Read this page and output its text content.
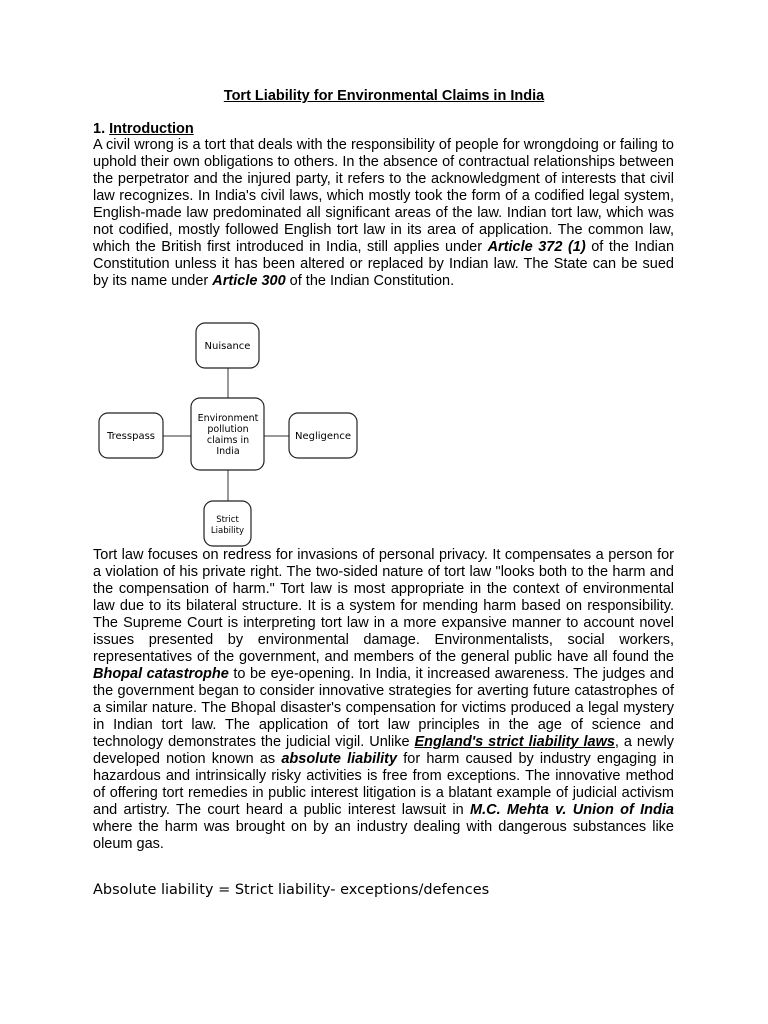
Tort Liability for Environmental Claims in India
1. Introduction

A civil wrong is a tort that deals with the responsibility of people for wrongdoing or failing to uphold their own obligations to others. In the absence of contractual relationships between the perpetrator and the injured party, it refers to the acknowledgment of interests that civil law recognizes. In India's civil laws, which mostly took the form of a codified legal system, English-made law predominated all significant areas of the law. Indian tort law, which was not codified, mostly followed English tort law in its area of application. The common law, which the British first introduced in India, still applies under Article 372 (1) of the Indian Constitution unless it has been altered or replaced by Indian law. The State can be sued by its name under Article 300 of the Indian Constitution.

Environment
pollution
claims in
India
Nuisance
Tresspass	Negligence
Strict
Liability

Tort law focuses on redress for invasions of personal privacy. It compensates a person for a violation of his private right. The two-sided nature of tort law "looks both to the harm and the compensation of harm." Tort law is most appropriate in the context of environmental law due to its bilateral structure. It is a system for mending harm based on responsibility. The Supreme Court is interpreting tort law in a more expansive manner to account novel issues presented by environmental damage. Environmentalists, social workers, representatives of the government, and members of the general public have all found the Bhopal catastrophe to be eye-opening. In India, it increased awareness. The judges and the government began to consider innovative strategies for averting future catastrophes of a similar nature. The Bhopal disaster's compensation for victims produced a legal mystery in Indian tort law. The application of tort law principles in the age of science and technology demonstrates the judicial vigil. Unlike England's strict liability laws, a newly developed notion known as absolute liability for harm caused by industry engaging in hazardous and intrinsically risky activities is free from exceptions. The innovative method of offering tort remedies in public interest litigation is a blatant example of judicial activism and artistry. The court heard a public interest lawsuit in M.C. Mehta v. Union of India where the harm was brought on by an industry dealing with dangerous substances like oleum gas.

Absolute liability = Strict liability- exceptions/defences
